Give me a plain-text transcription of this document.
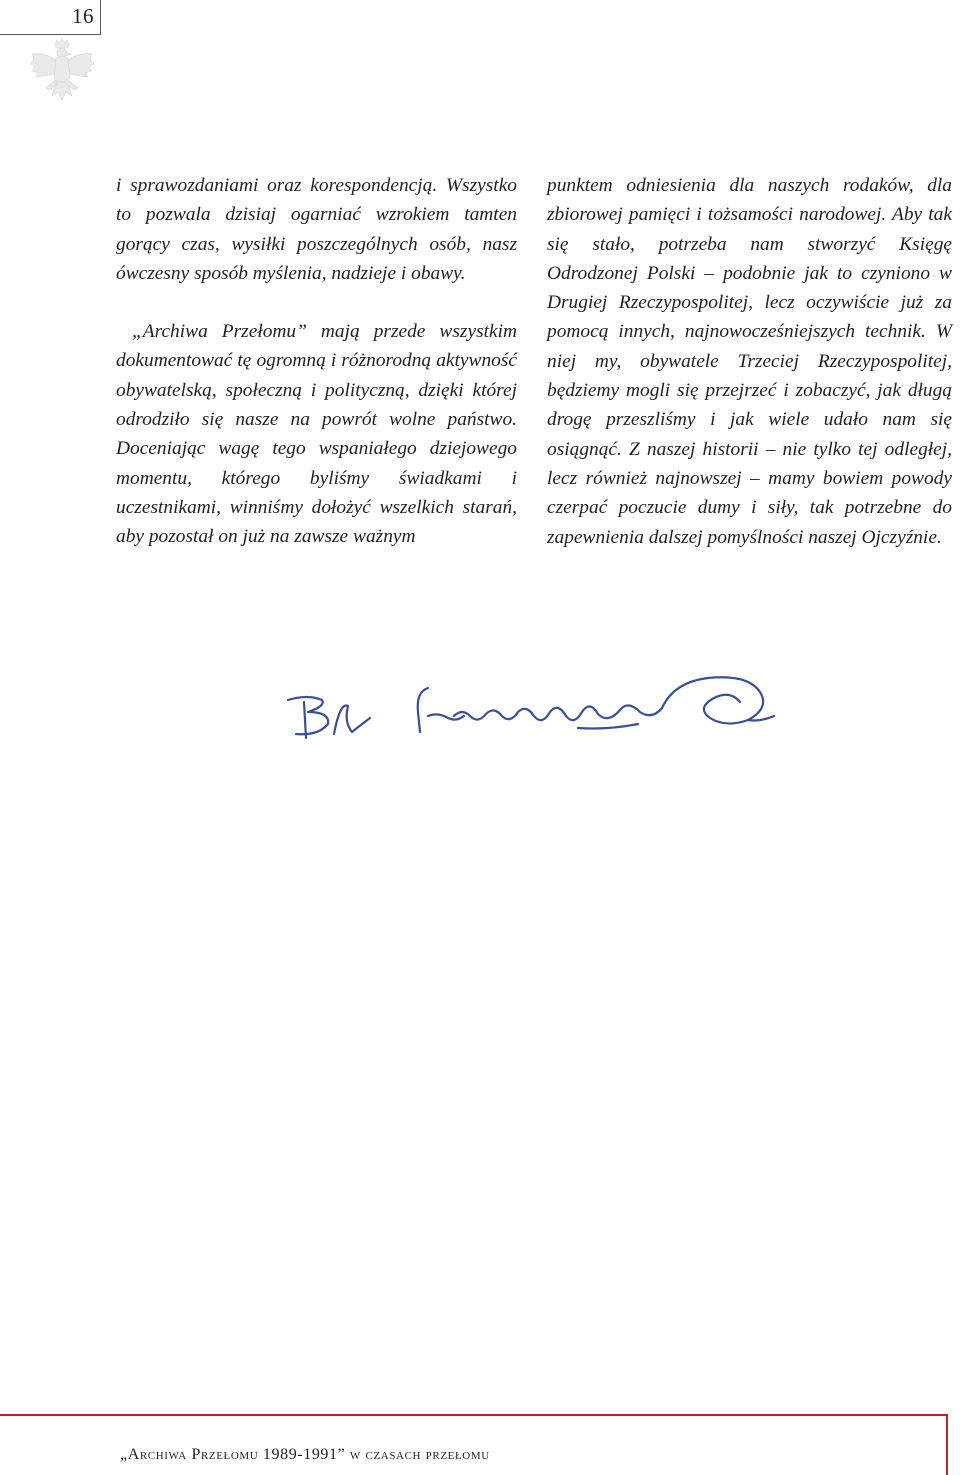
16

i sprawozdaniami oraz korespondencją. Wszystko to pozwala dzisiaj ogarniać wzrokiem tamten gorący czas, wysiłki poszczególnych osób, nasz ówczesny sposób myślenia, nadzieje i obawy.

„Archiwa Przełomu” mają przede wszystkim dokumentować tę ogromną i różnorodną aktywność obywatelską, społeczną i polityczną, dzięki której odrodziło się nasze na powrót wolne państwo. Doceniając wagę tego wspaniałego dziejowego momentu, którego byliśmy świadkami i uczestnikami, winniśmy dołożyć wszelkich starań, aby pozostał on już na zawsze ważnym

punktem odniesienia dla naszych rodaków, dla zbiorowej pamięci i tożsamości narodowej. Aby tak się stało, potrzeba nam stworzyć Księgę Odrodzonej Polski – podobnie jak to czyniono w Drugiej Rzeczypospolitej, lecz oczywiście już za pomocą innych, najnowocześniejszych technik. W niej my, obywatele Trzeciej Rzeczypospolitej, będziemy mogli się przejrzeć i zobaczyć, jak długą drogę przeszliśmy i jak wiele udało nam się osiągnąć. Z naszej historii – nie tylko tej odległej, lecz również najnowszej – mamy bowiem powody czerpać poczucie dumy i siły, tak potrzebne do zapewnienia dalszej pomyślności naszej Ojczyźnie.

„Archiwa Przełomu 1989-1991” w czasach przełomu
